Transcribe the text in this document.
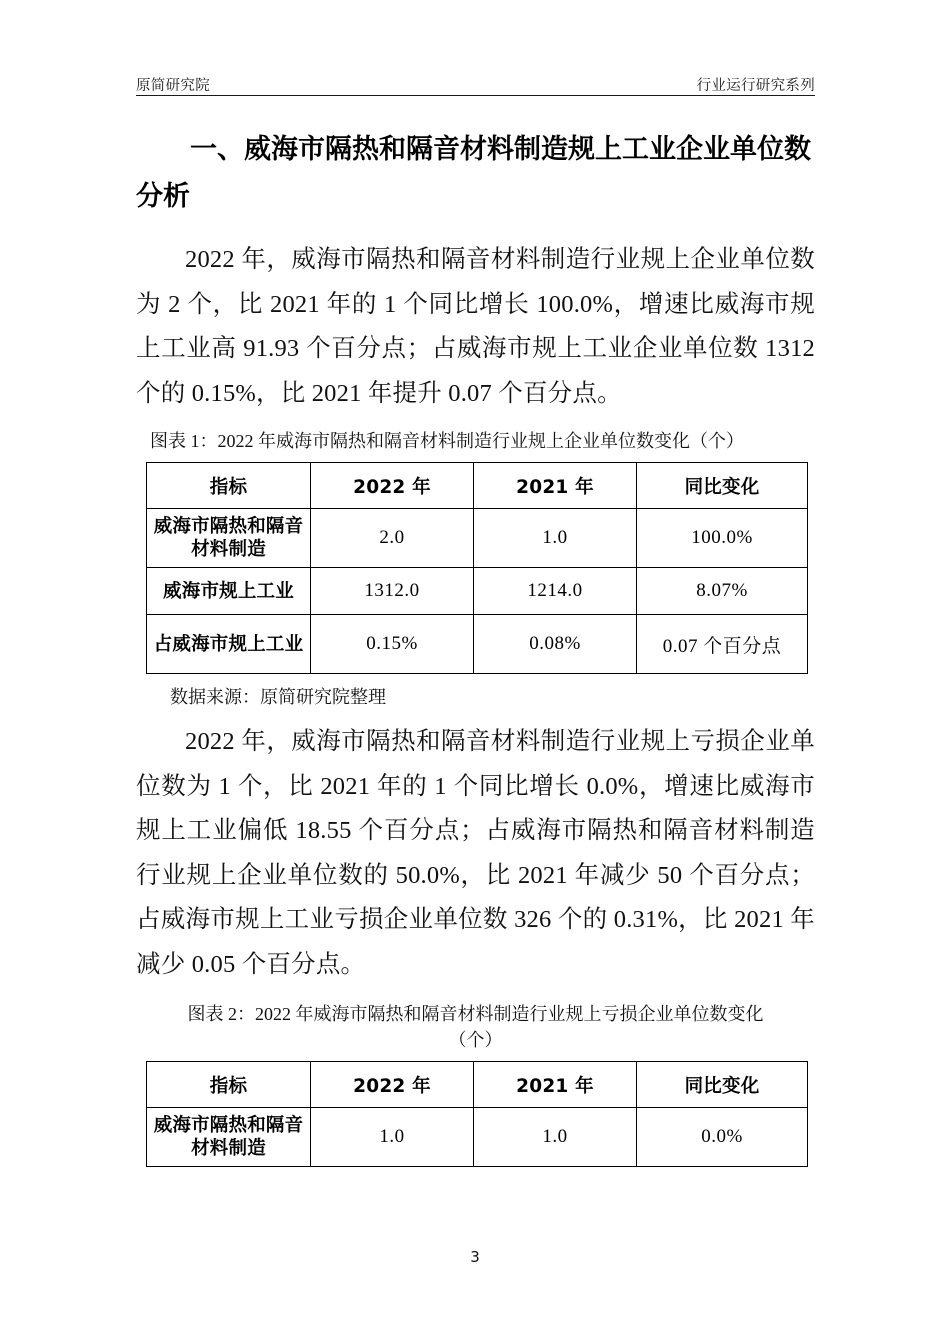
原简研究院	行业运行研究系列
一、威海市隔热和隔音材料制造规上工业企业单位数分析

2022 年，威海市隔热和隔音材料制造行业规上企业单位数为 2 个，比 2021 年的 1 个同比增长 100.0%，增速比威海市规上工业高 91.93 个百分点；占威海市规上工业企业单位数 1312 个的 0.15%，比 2021 年提升 0.07 个百分点。

图表 1：2022 年威海市隔热和隔音材料制造行业规上企业单位数变化（个）
指标	2022 年	2021 年	同比变化
威海市隔热和隔音材料制造	2.0	1.0	100.0%
威海市规上工业	1312.0	1214.0	8.07%
占威海市规上工业	0.15%	0.08%	0.07 个百分点
数据来源：原简研究院整理

2022 年，威海市隔热和隔音材料制造行业规上亏损企业单位数为 1 个，比 2021 年的 1 个同比增长 0.0%，增速比威海市规上工业偏低 18.55 个百分点；占威海市隔热和隔音材料制造行业规上企业单位数的 50.0%，比 2021 年减少 50 个百分点；占威海市规上工业亏损企业单位数 326 个的 0.31%，比 2021 年减少 0.05 个百分点。

图表 2：2022 年威海市隔热和隔音材料制造行业规上亏损企业单位数变化
（个）
指标	2022 年	2021 年	同比变化
威海市隔热和隔音材料制造	1.0	1.0	0.0%
3
